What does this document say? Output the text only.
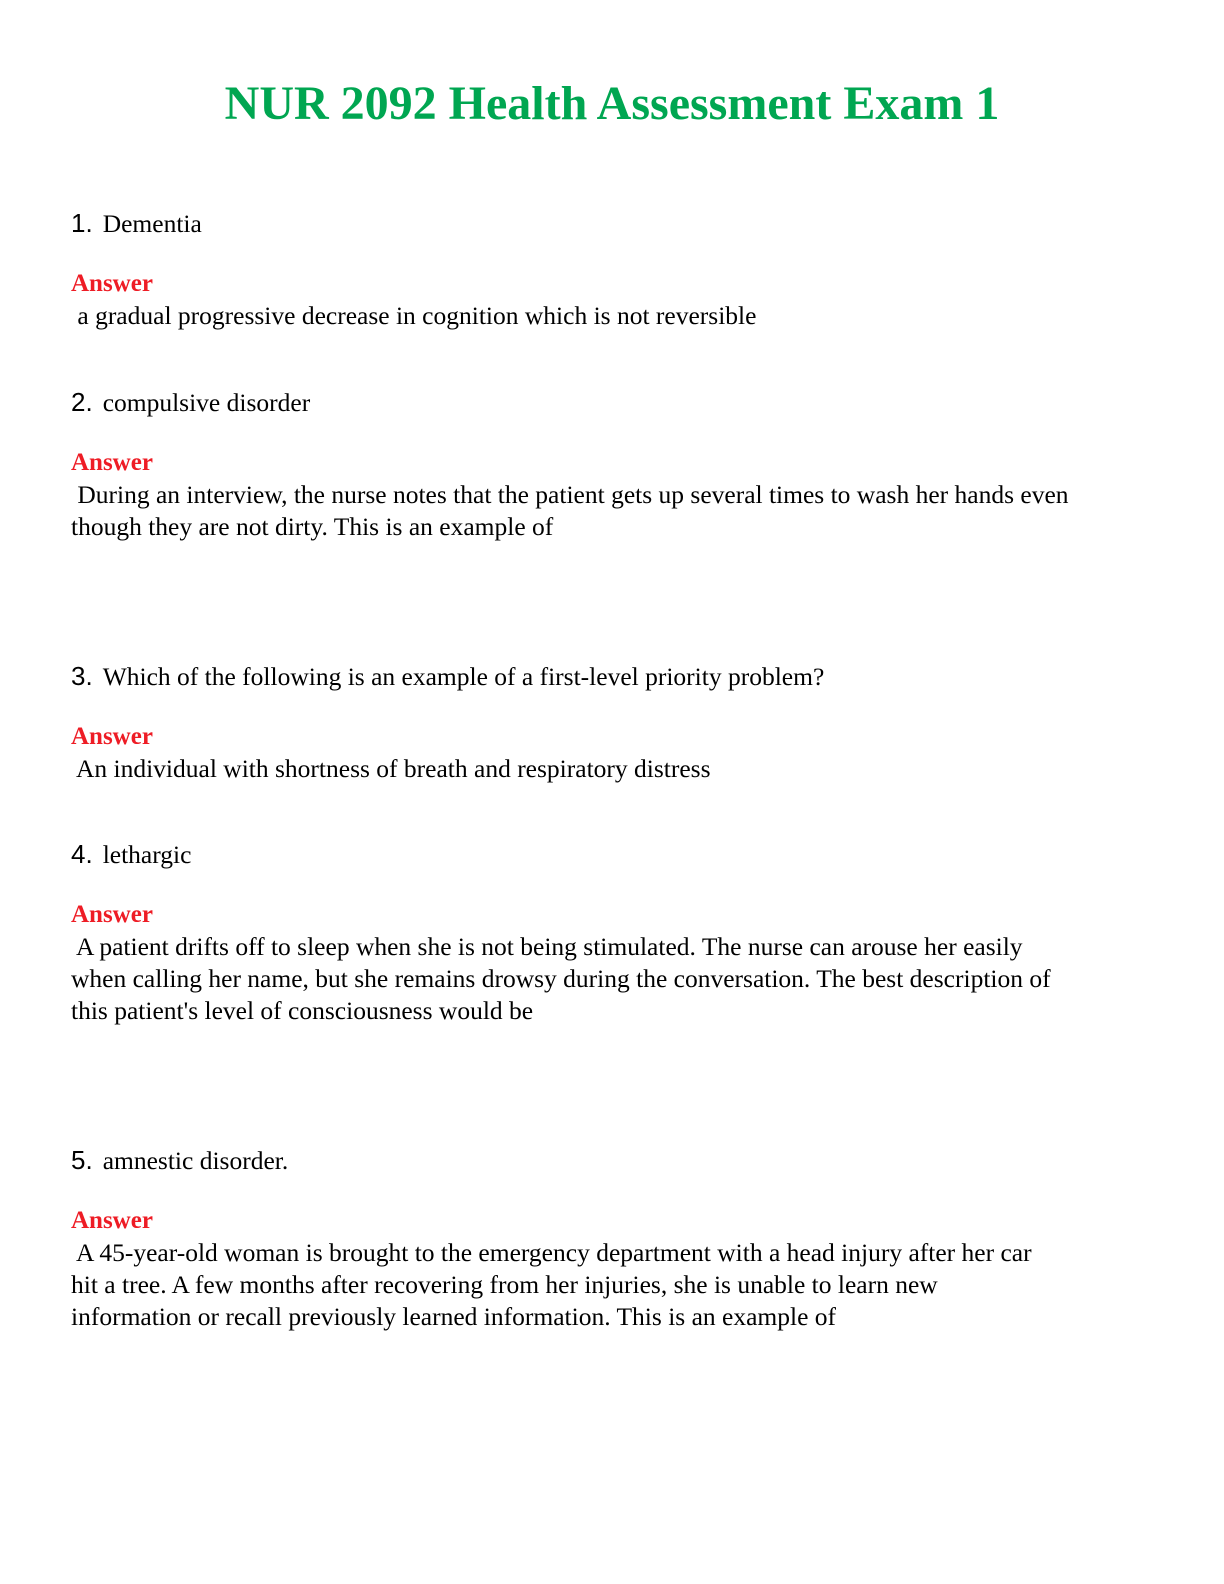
NUR 2092 Health Assessment Exam 1
1. Dementia
Answer
a gradual progressive decrease in cognition which is not reversible
2. compulsive disorder
Answer
During an interview, the nurse notes that the patient gets up several times to wash her hands even
though they are not dirty. This is an example of
3. Which of the following is an example of a first-level priority problem?
Answer
An individual with shortness of breath and respiratory distress
4. lethargic
Answer
A patient drifts off to sleep when she is not being stimulated. The nurse can arouse her easily
when calling her name, but she remains drowsy during the conversation. The best description of
this patient's level of consciousness would be
5. amnestic disorder.
Answer
A 45-year-old woman is brought to the emergency department with a head injury after her car
hit a tree. A few months after recovering from her injuries, she is unable to learn new
information or recall previously learned information. This is an example of
